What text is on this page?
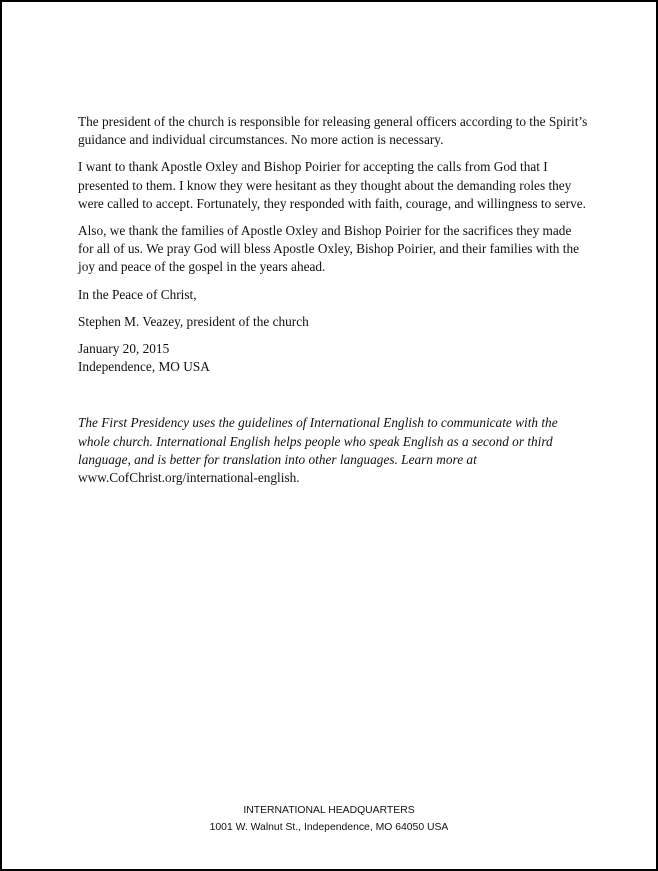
The president of the church is responsible for releasing general officers according to the Spirit’s guidance and individual circumstances. No more action is necessary.

I want to thank Apostle Oxley and Bishop Poirier for accepting the calls from God that I presented to them. I know they were hesitant as they thought about the demanding roles they were called to accept. Fortunately, they responded with faith, courage, and willingness to serve.

Also, we thank the families of Apostle Oxley and Bishop Poirier for the sacrifices they made for all of us. We pray God will bless Apostle Oxley, Bishop Poirier, and their families with the joy and peace of the gospel in the years ahead.

In the Peace of Christ,

Stephen M. Veazey, president of the church

January 20, 2015
Independence, MO USA

The First Presidency uses the guidelines of International English to communicate with the whole church. International English helps people who speak English as a second or third language, and is better for translation into other languages. Learn more at
www.CofChrist.org/international-english.

INTERNATIONAL HEADQUARTERS
1001 W. Walnut St., Independence, MO 64050 USA
